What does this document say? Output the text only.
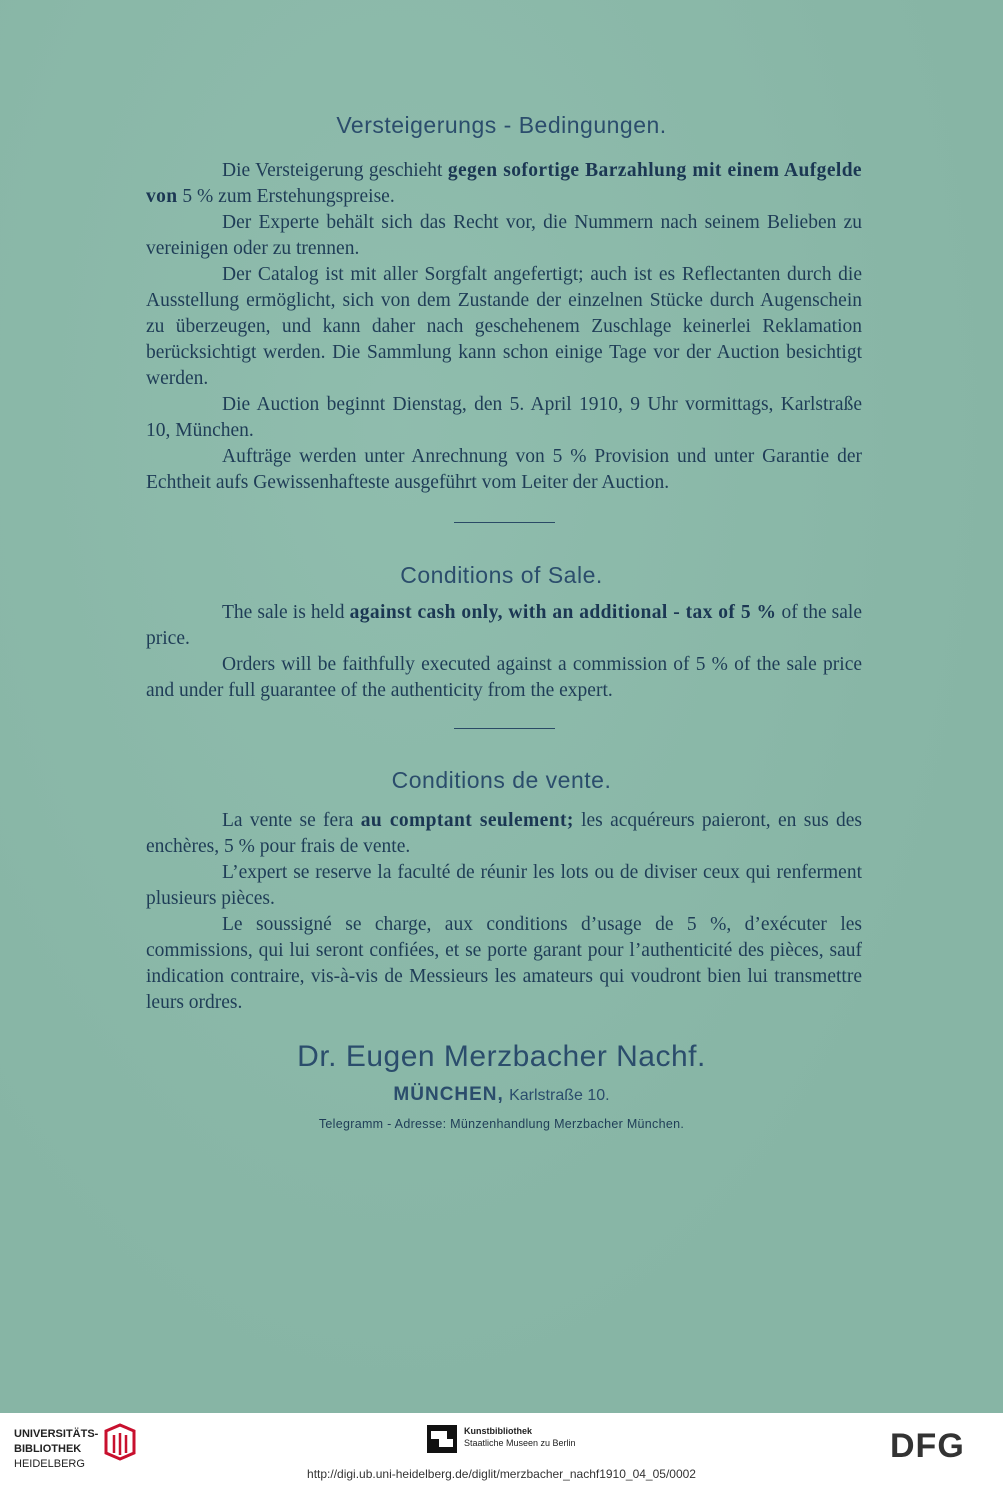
Versteigerungs - Bedingungen.

Die Versteigerung geschieht gegen sofortige Barzahlung mit einem Aufgelde von 5 % zum Erstehungspreise.

Der Experte behält sich das Recht vor, die Nummern nach seinem Belieben zu vereinigen oder zu trennen.

Der Catalog ist mit aller Sorgfalt angefertigt; auch ist es Reflectanten durch die Ausstellung ermöglicht, sich von dem Zustande der einzelnen Stücke durch Augenschein zu überzeugen, und kann daher nach geschehenem Zuschlage keinerlei Reklamation berücksichtigt werden. Die Sammlung kann schon einige Tage vor der Auction besichtigt werden.

Die Auction beginnt Dienstag, den 5. April 1910, 9 Uhr vormittags, Karlstraße 10, München.

Aufträge werden unter Anrechnung von 5 % Provision und unter Garantie der Echtheit aufs Gewissenhafteste ausgeführt vom Leiter der Auction.

Conditions of Sale.

The sale is held against cash only, with an additional - tax of 5 % of the sale price.

Orders will be faithfully executed against a commission of 5 % of the sale price and under full guarantee of the authenticity from the expert.

Conditions de vente.

La vente se fera au comptant seulement; les acquéreurs paieront, en sus des enchères, 5 % pour frais de vente.

L’expert se reserve la faculté de réunir les lots ou de diviser ceux qui renferment plusieurs pièces.

Le soussigné se charge, aux conditions d’usage de 5 %, d’exécuter les commissions, qui lui seront confiées, et se porte garant pour l’authenticité des pièces, sauf indication contraire, vis-à-vis de Messieurs les amateurs qui voudront bien lui transmettre leurs ordres.

Dr. Eugen Merzbacher Nachf.
MÜNCHEN, Karlstraße 10.
Telegramm - Adresse: Münzenhandlung Merzbacher München.
UNIVERSITÄTS-
BIBLIOTHEK
HEIDELBERG
Kunstbibliothek
Staatliche Museen zu Berlin	DFG
http://digi.ub.uni-heidelberg.de/diglit/merzbacher_nachf1910_04_05/0002
